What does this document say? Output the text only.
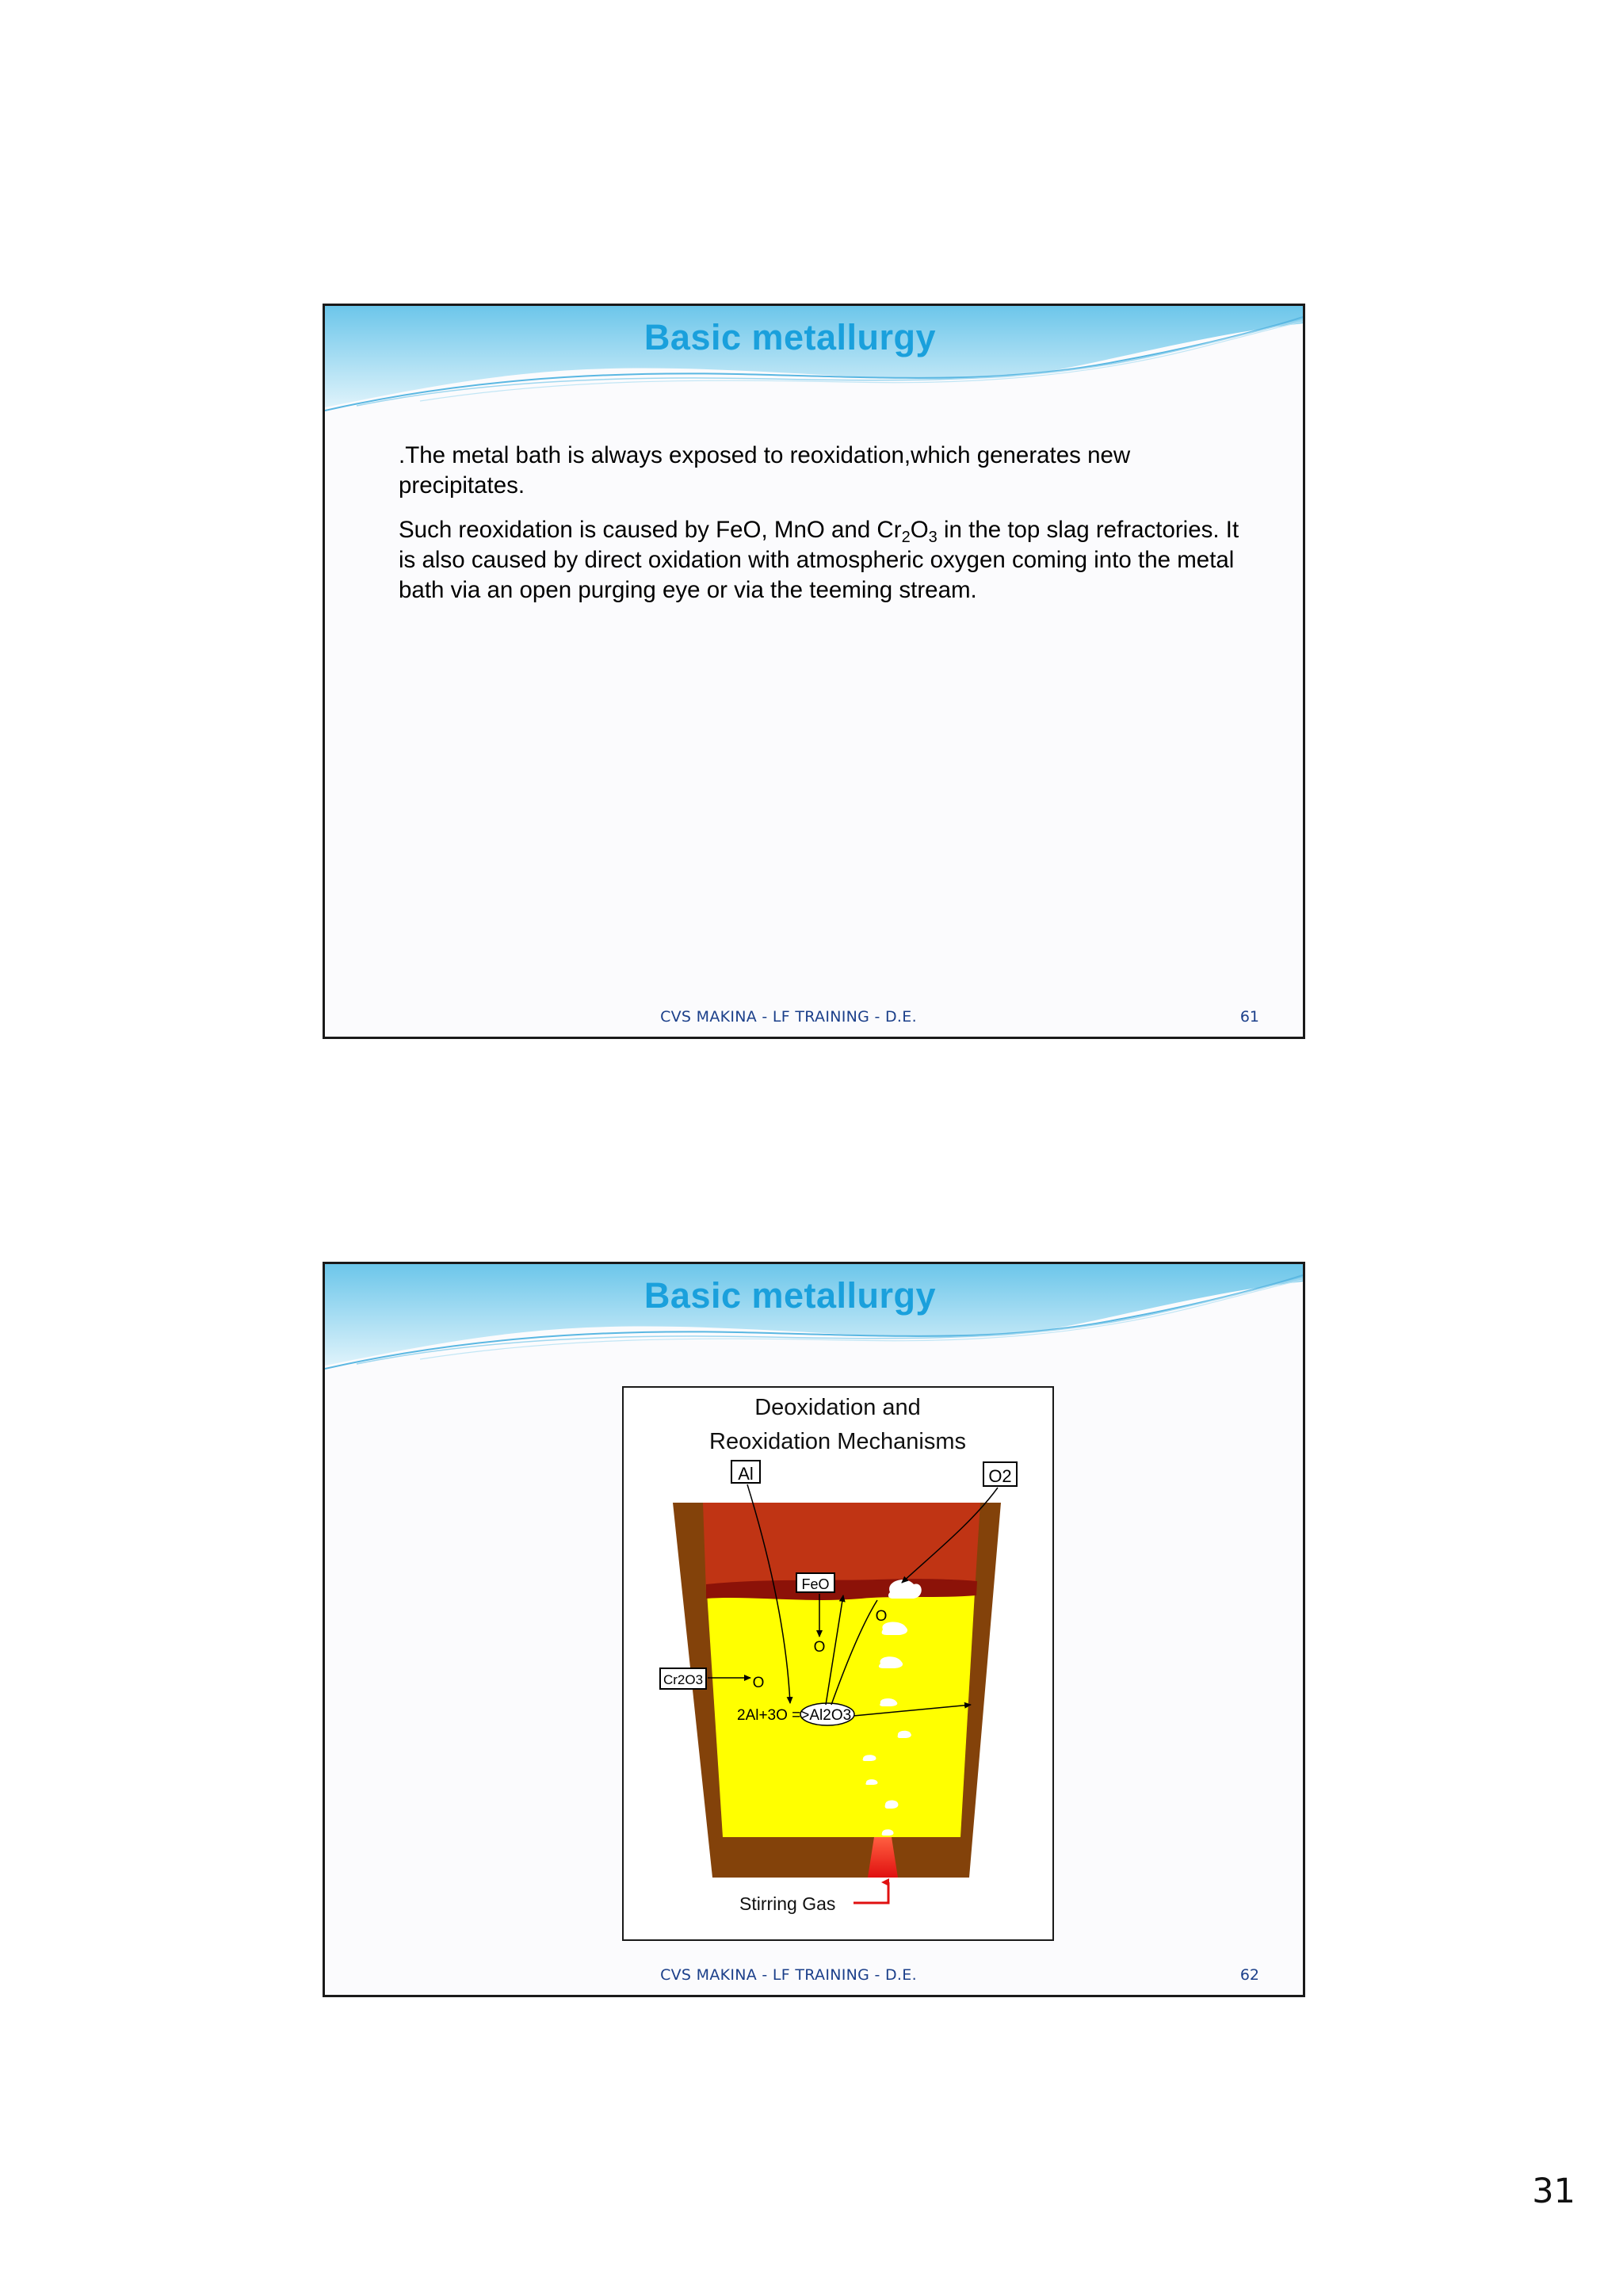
Basic metallurgy

.The metal bath is always exposed to reoxidation,which generates new precipitates.

Such reoxidation is caused by FeO, MnO and $Cr_2O_3$ in the top slag refractories. It is also caused by direct oxidation with atmospheric oxygen coming into the metal bath via an open purging eye or via the teeming stream.

CVS MAKINA - LF TRAINING - D.E.	61
Basic metallurgy
Deoxidation and
Reoxidation Mechanisms
Al	O2
FeO
Cr2O3
O
O
O
2Al+3O =>Al2O3
Stirring Gas
CVS MAKINA - LF TRAINING - D.E.	62
31
